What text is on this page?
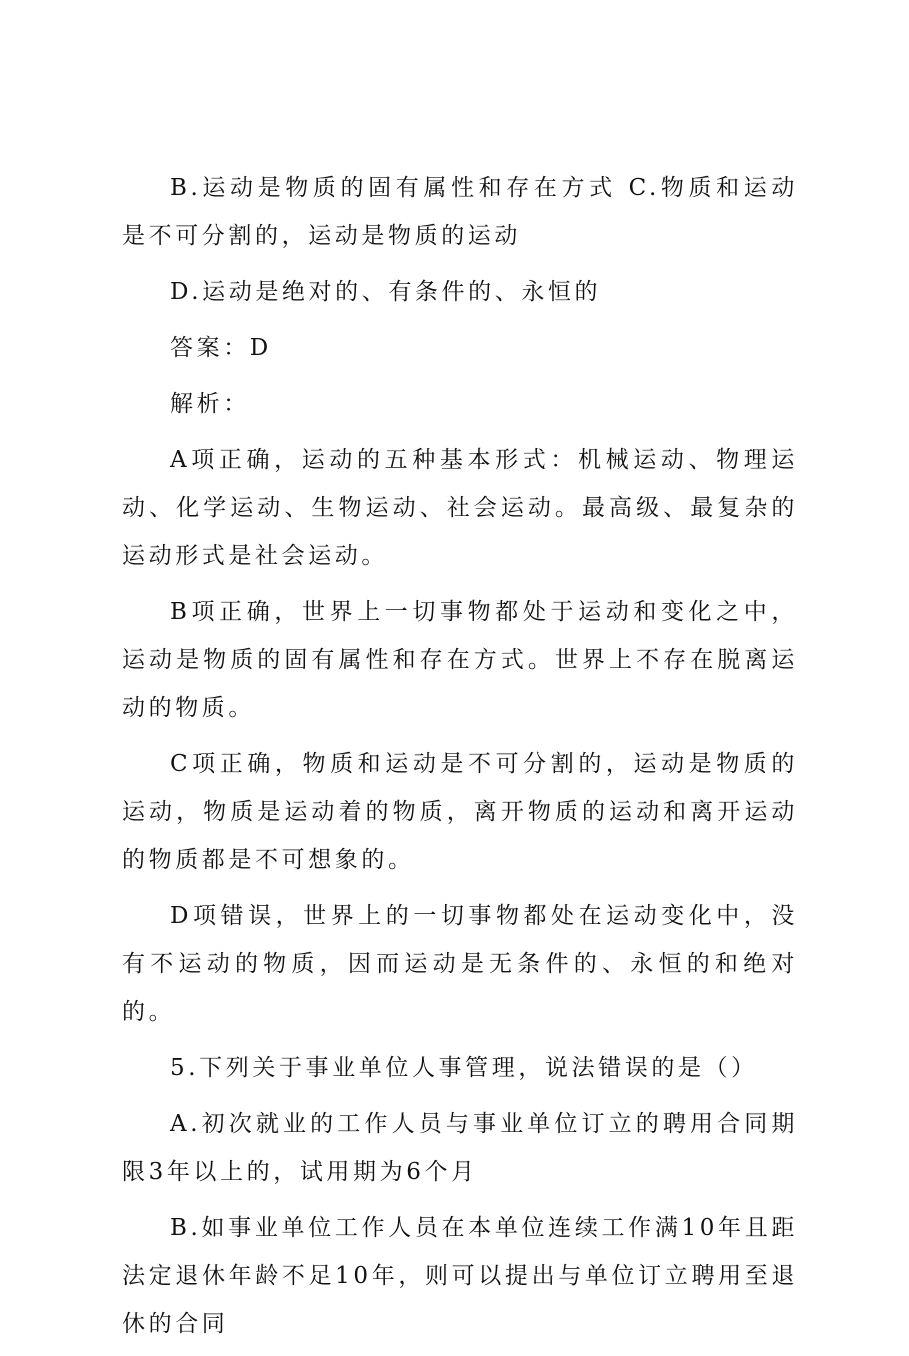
B.运动是物质的固有属性和存在方式 C.物质和运动是不可分割的，运动是物质的运动

D.运动是绝对的、有条件的、永恒的

答案：D

解析：

A项正确，运动的五种基本形式：机械运动、物理运动、化学运动、生物运动、社会运动。最高级、最复杂的运动形式是社会运动。

B项正确，世界上一切事物都处于运动和变化之中，运动是物质的固有属性和存在方式。世界上不存在脱离运动的物质。

C项正确，物质和运动是不可分割的，运动是物质的运动，物质是运动着的物质，离开物质的运动和离开运动的物质都是不可想象的。

D项错误，世界上的一切事物都处在运动变化中，没有不运动的物质，因而运动是无条件的、永恒的和绝对的。

5.下列关于事业单位人事管理，说法错误的是（）

A.初次就业的工作人员与事业单位订立的聘用合同期限3年以上的，试用期为6个月

B.如事业单位工作人员在本单位连续工作满10年且距法定退休年龄不足10年，则可以提出与单位订立聘用至退休的合同
